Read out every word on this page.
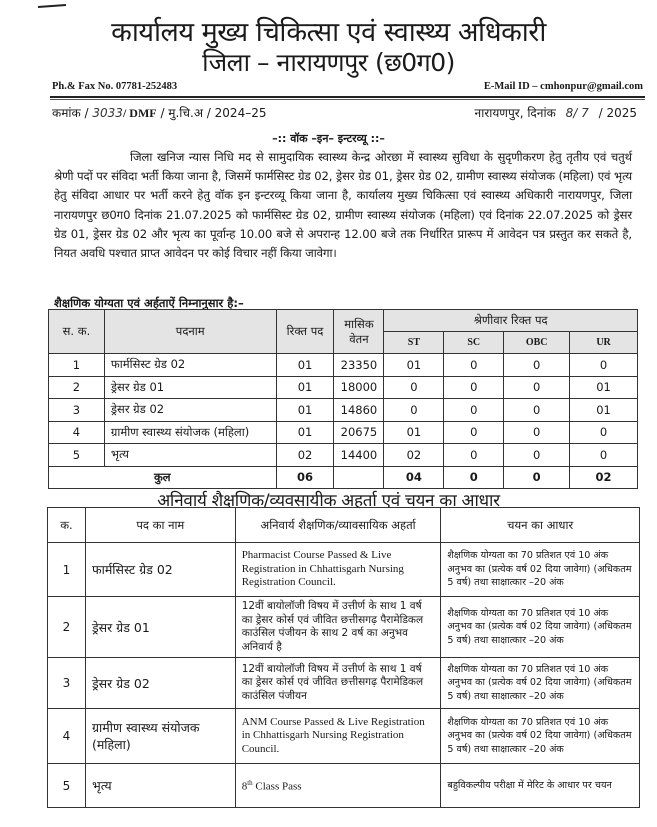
कार्यालय मुख्य चिकित्सा एवं स्वास्थ्य अधिकारी
जिला – नारायणपुर (छ0ग0)
Ph.& Fax No. 07781-252483	E-Mail ID – cmhonpur@gmail.com
कमांक / 3033/ DMF / मु.चि.अ / 2024–25	नारायणपुर, दिनांक 8/ 7 / 2025
–:: वॉक –इन– इन्टरव्यू ::–
जिला खनिज न्यास निधि मद से सामुदायिक स्वास्थ्य केन्द्र ओरछा में स्वास्थ्य सुविधा के सुदृणीकरण हेतु तृतीय एवं चतुर्थ श्रेणी पदों पर संविदा भर्ती किया जाना है, जिसमें फार्मसिस्ट ग्रेड 02, ड्रेसर ग्रेड 01, ड्रेसर ग्रेड 02, ग्रामीण स्वास्थ्य संयोजक (महिला) एवं भृत्य हेतु संविदा आधार पर भर्ती करने हेतु वॉक इन इन्टरव्यू किया जाना है, कार्यालय मुख्य चिकित्सा एवं स्वास्थ्य अधिकारी नारायणपुर, जिला नारायणपुर छ0ग0 दिनांक 21.07.2025 को फार्मसिस्ट ग्रेड 02, ग्रामीण स्वास्थ्य संयोजक (महिला) एवं दिनांक 22.07.2025 को ड्रेसर ग्रेड 01, ड्रेसर ग्रेड 02 और भृत्य का पूर्वान्ह 10.00 बजे से अपरान्ह 12.00 बजे तक निर्धारित प्रारूप में आवेदन पत्र प्रस्तुत कर सकते है, नियत अवधि पश्चात प्राप्त आवेदन पर कोई विचार नहीं किया जावेगा।
शैक्षणिक योग्यता एवं अर्हताऐं निम्नानुसार है:–
स. क.	पदनाम	रिक्त पद	मासिक वेतन	श्रेणीवार रिक्त पद			
				ST	SC	OBC	UR
1	फार्मसिस्ट ग्रेड 02	01	23350	01	0	0	0
2	ड्रेसर ग्रेड 01	01	18000	0	0	0	01
3	ड्रेसर ग्रेड 02	01	14860	0	0	0	01
4	ग्रामीण स्वास्थ्य संयोजक (महिला)	01	20675	01	0	0	0
5	भृत्य	02	14400	02	0	0	0
कुल		06		04	0	0	02
अनिवार्य शैक्षणिक/व्यवसायीक अहर्ता एवं चयन का आधार
क.	पद का नाम	अनिवार्य शैक्षणिक/व्यावसायिक अहर्ता	चयन का आधार
1	फार्मसिस्ट ग्रेड 02	Pharmacist Course Passed & Live Registration in Chhattisgarh Nursing Registration Council.	शैक्षणिक योग्यता का 70 प्रतिशत एवं 10 अंक अनुभव का (प्रत्येक वर्ष 02 दिया जावेगा) (अधिकतम 5 वर्ष) तथा साक्षात्कार –20 अंक
2	ड्रेसर ग्रेड 01	12वीं बायोलॉजी विषय में उत्तीर्ण के साथ 1 वर्ष का ड्रेसर कोर्स एवं जीवित छत्तीसगढ़ पैरामेडिकल काउंसिल पंजीयन के साथ 2 वर्ष का अनुभव अनिवार्य है	शैक्षणिक योग्यता का 70 प्रतिशत एवं 10 अंक अनुभव का (प्रत्येक वर्ष 02 दिया जावेगा) (अधिकतम 5 वर्ष) तथा साक्षात्कार –20 अंक
3	ड्रेसर ग्रेड 02	12वीं बायोलॉजी विषय में उत्तीर्ण के साथ 1 वर्ष का ड्रेसर कोर्स एवं जीवित छत्तीसगढ़ पैरामेडिकल काउंसिल पंजीयन	शैक्षणिक योग्यता का 70 प्रतिशत एवं 10 अंक अनुभव का (प्रत्येक वर्ष 02 दिया जावेगा) (अधिकतम 5 वर्ष) तथा साक्षात्कार –20 अंक
4	ग्रामीण स्वास्थ्य संयोजक (महिला)	ANM Course Passed & Live Registration in Chhattisgarh Nursing Registration Council.	शैक्षणिक योग्यता का 70 प्रतिशत एवं 10 अंक अनुभव का (प्रत्येक वर्ष 02 दिया जावेगा) (अधिकतम 5 वर्ष) तथा साक्षात्कार –20 अंक
5	भृत्य	8th Class Pass	बहुविकल्पीय परीक्षा में मेरिट के आधार पर चयन
